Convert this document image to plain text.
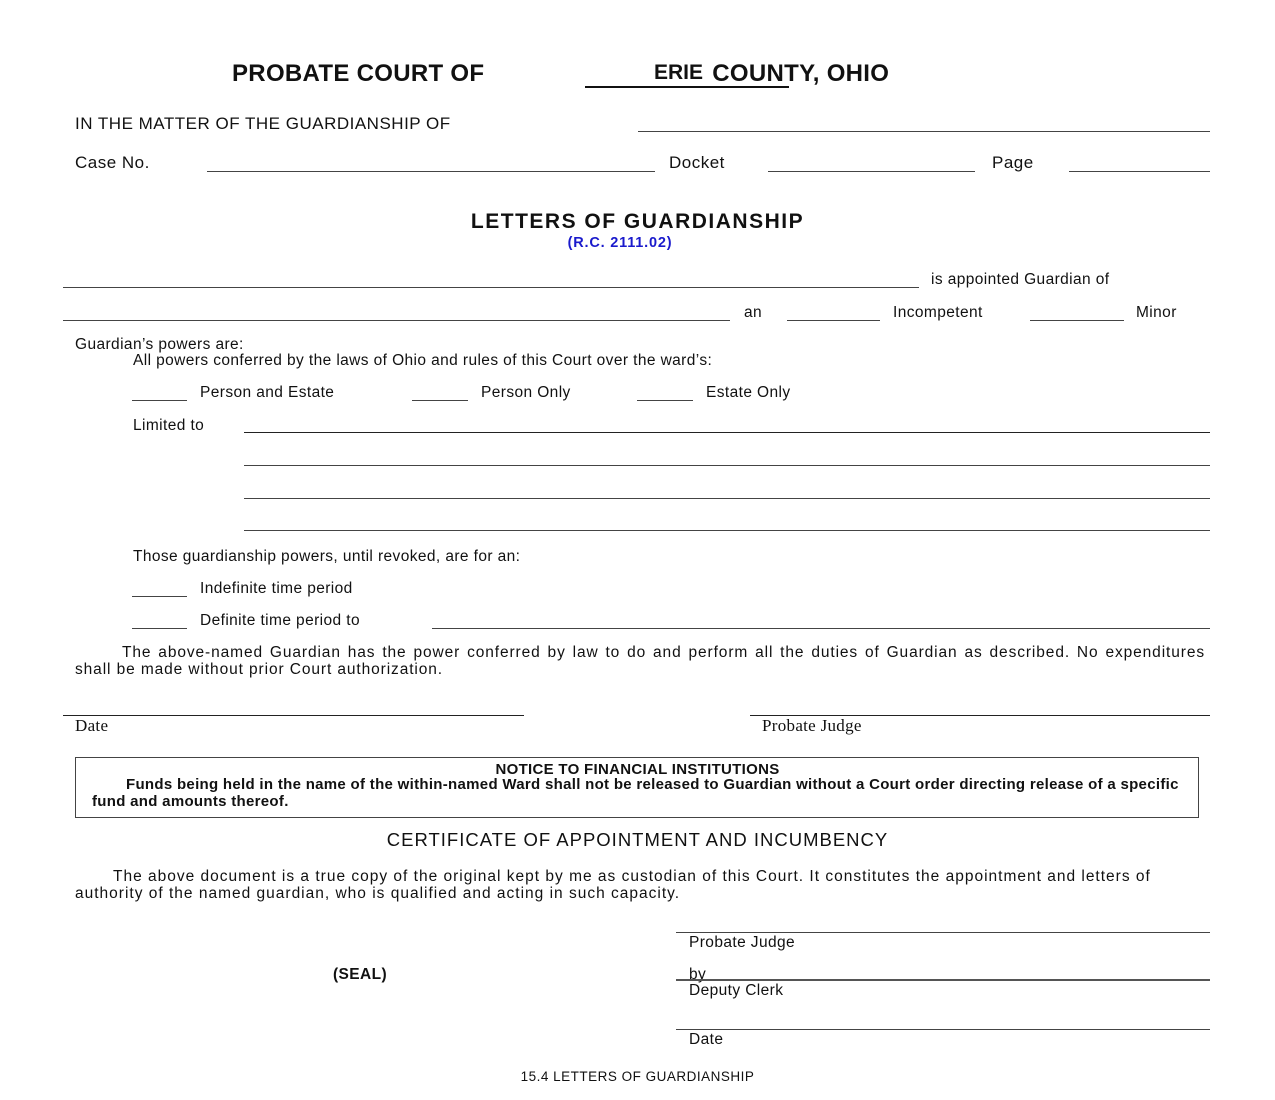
PROBATE COURT OF	COUNTY, OHIO
ERIE
IN THE MATTER OF THE GUARDIANSHIP OF
Case No.	Docket	Page
LETTERS OF GUARDIANSHIP
(R.C. 2111.02)
is appointed Guardian of
an	Incompetent	Minor
Guardian’s powers are:
All powers conferred by the laws of Ohio and rules of this Court over the ward’s:
Person and Estate	Person Only	Estate Only
Limited to
Those guardianship powers, until revoked, are for an:
Indefinite time period
Definite time period to
The above-named Guardian has the power conferred by law to do and perform all the duties of Guardian as described. No expenditures shall be made without prior Court authorization.
Date	Probate Judge
NOTICE TO FINANCIAL INSTITUTIONS
Funds being held in the name of the within-named Ward shall not be released to Guardian without a Court order directing release of a specific fund and amounts thereof.
CERTIFICATE OF APPOINTMENT AND INCUMBENCY
The above document is a true copy of the original kept by me as custodian of this Court. It constitutes the appointment and letters of authority of the named guardian, who is qualified and acting in such capacity.
Probate Judge
(SEAL)	by
Deputy Clerk
Date
15.4 LETTERS OF GUARDIANSHIP
